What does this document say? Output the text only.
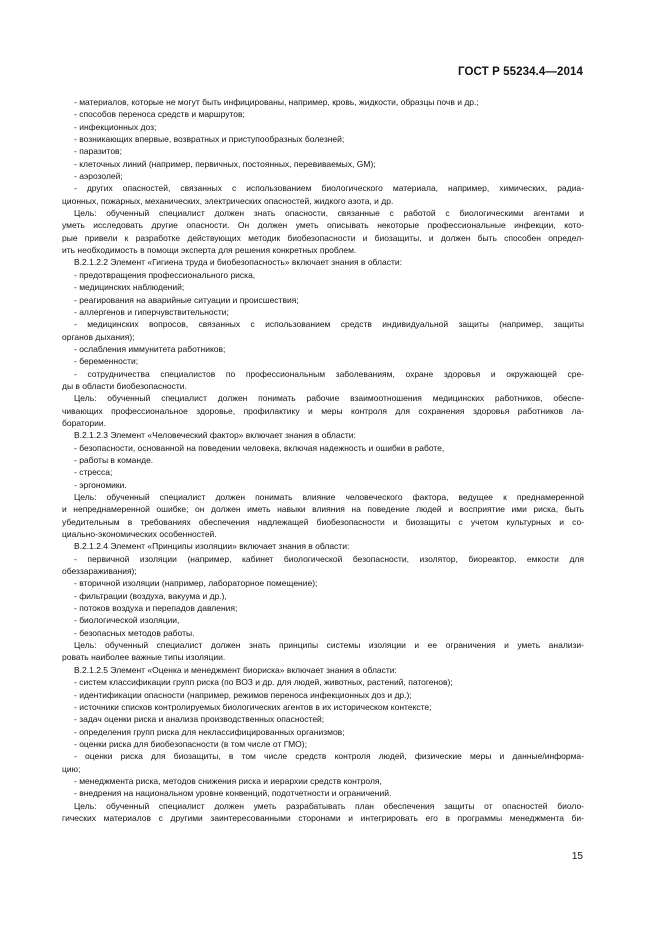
ГОСТ Р 55234.4—2014
- материалов, которые не могут быть инфицированы, например, кровь, жидкости, образцы почв и др.;
- способов переноса средств и маршрутов;
- инфекционных доз;
- возникающих впервые, возвратных и приступообразных болезней;
- паразитов;
- клеточных линий (например, первичных, постоянных, перевиваемых, GM);
- аэрозолей;
- других опасностей, связанных с использованием биологического материала, например, химических, радиа-
ционных, пожарных, механических, электрических опасностей, жидкого азота, и др.
Цель: обученный специалист должен знать опасности, связанные с работой с биологическими агентами и
уметь исследовать другие опасности. Он должен уметь описывать некоторые профессиональные инфекции, кото-
рые привели к разработке действующих методик биобезопасности и биозащиты, и должен быть способен определ-
ить необходимость в помощи эксперта для решения конкретных проблем.
В.2.1.2.2 Элемент «Гигиена труда и биобезопасность» включает знания в области:
- предотвращения профессионального риска,
- медицинских наблюдений;
- реагирования на аварийные ситуации и происшествия;
- аллергенов и гиперчувствительности;
- медицинских вопросов, связанных с использованием средств индивидуальной защиты (например, защиты
органов дыхания);
- ослабления иммунитета работников;
- беременности;
- сотрудничества специалистов по профессиональным заболеваниям, охране здоровья и окружающей сре-
ды в области биобезопасности.
Цель: обученный специалист должен понимать рабочие взаимоотношения медицинских работников, обеспе-
чивающих профессиональное здоровье, профилактику и меры контроля для сохранения здоровья работников ла-
боратории.
В.2.1.2.3 Элемент «Человеческий фактор» включает знания в области:
- безопасности, основанной на поведении человека, включая надежность и ошибки в работе,
- работы в команде.
- стресса;
- эргономики.
Цель: обученный специалист должен понимать влияние человеческого фактора, ведущее к преднамеренной
и непреднамеренной ошибке; он должен иметь навыки влияния на поведение людей и восприятие ими риска, быть
убедительным в требованиях обеспечения надлежащей биобезопасности и биозащиты с учетом культурных и со-
циально-экономических особенностей.
В.2.1.2.4 Элемент «Принципы изоляции» включает знания в области:
- первичной изоляции (например, кабинет биологической безопасности, изолятор, биореактор, емкости для
обеззараживания);
- вторичной изоляции (например, лабораторное помещение);
- фильтрации (воздуха, вакуума и др.),
- потоков воздуха и перепадов давления;
- биологической изоляции,
- безопасных методов работы.
Цель: обученный специалист должен знать принципы системы изоляции и ее ограничения и уметь анализи-
ровать наиболее важные типы изоляции.
В.2.1.2.5 Элемент «Оценка и менеджмент биориска» включает знания в области:
- систем классификации групп риска (по ВОЗ и др. для людей, животных, растений, патогенов);
- идентификации опасности (например, режимов переноса инфекционных доз и др.);
- источники списков контролируемых биологических агентов в их историческом контексте;
- задач оценки риска и анализа производственных опасностей;
- определения групп риска для неклассифицированных организмов;
- оценки риска для биобезопасности (в том числе от ГМО);
- оценки риска для биозащиты, в том числе средств контроля людей, физические меры и данные/информа-
цию;
- менеджмента риска, методов снижения риска и иерархии средств контроля,
- внедрения на национальном уровне конвенций, подотчетности и ограничений.
Цель: обученный специалист должен уметь разрабатывать план обеспечения защиты от опасностей биоло-
гических материалов с другими заинтересованными сторонами и интегрировать его в программы менеджмента би-
15
